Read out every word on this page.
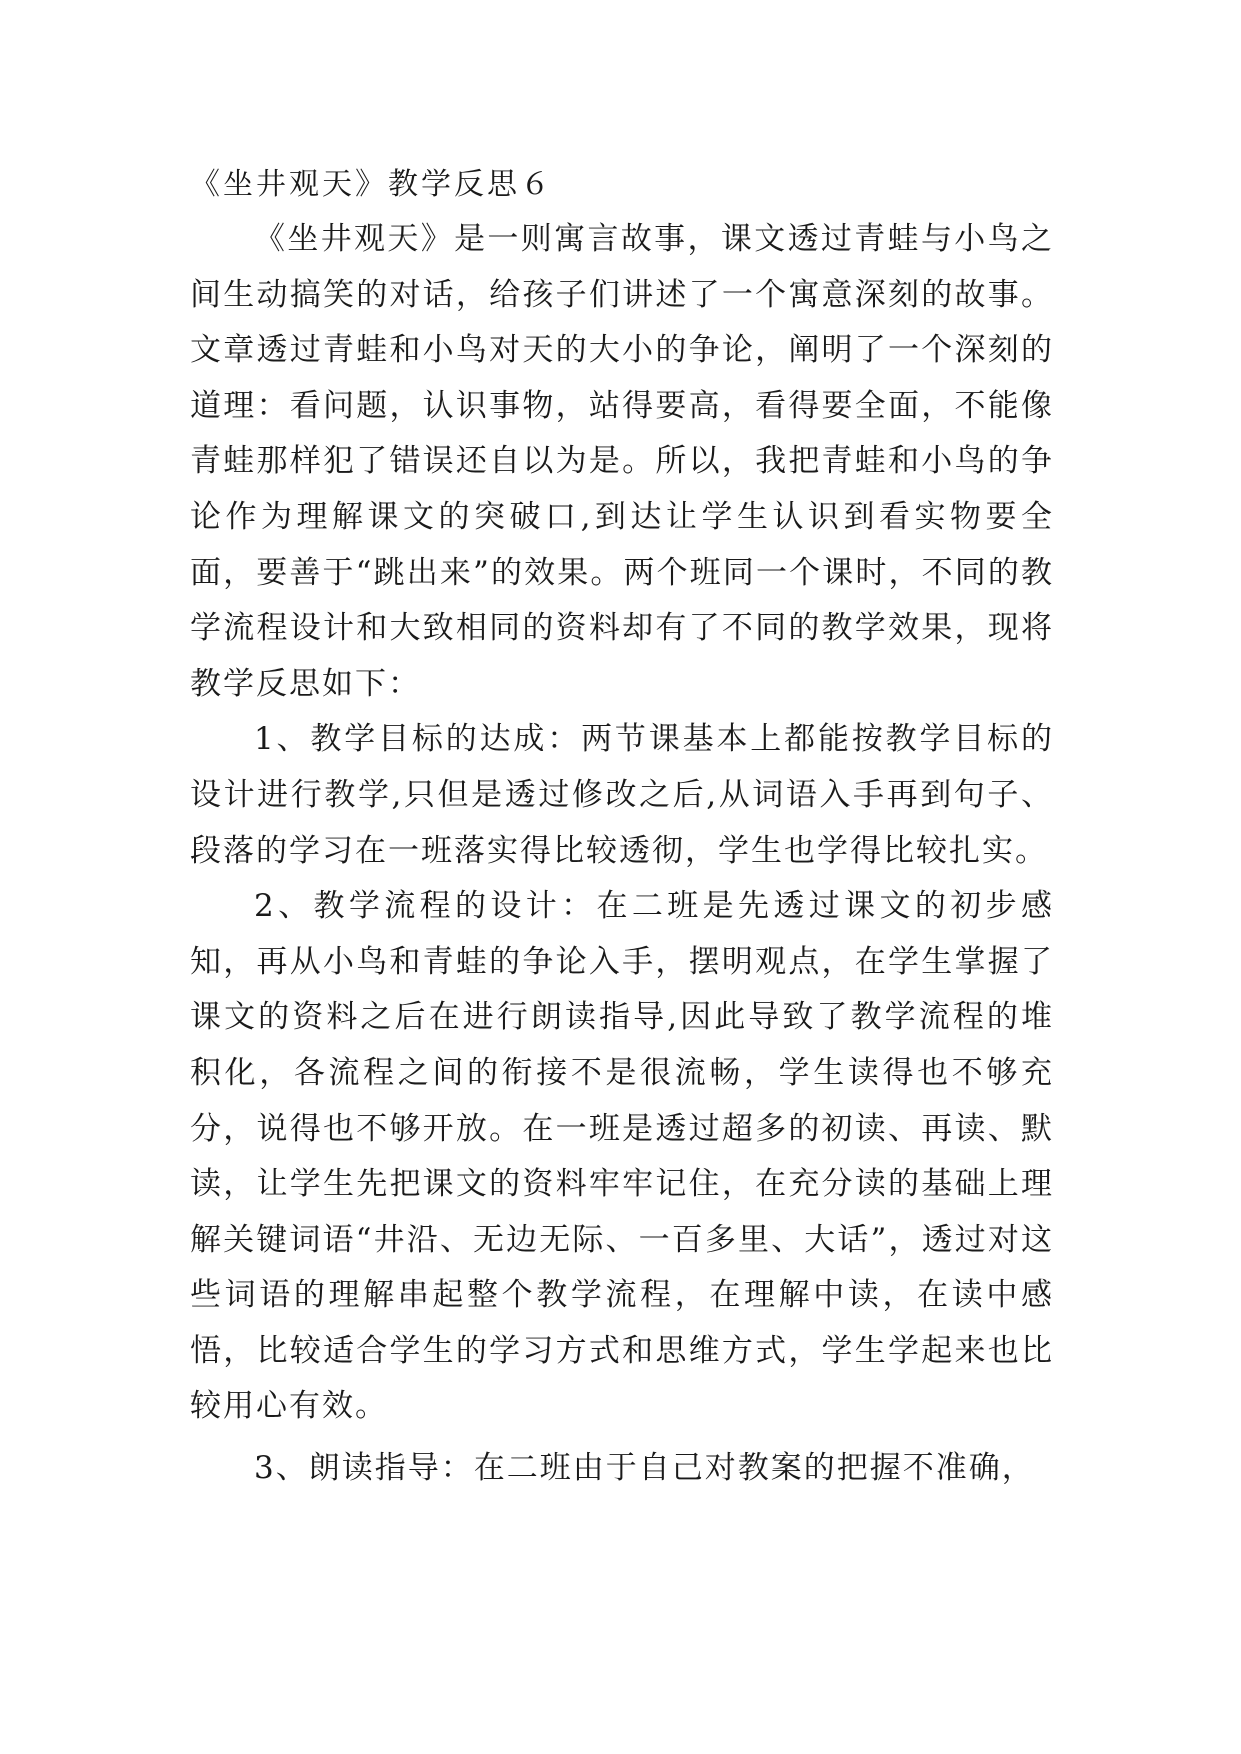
《坐井观天》教学反思６

《坐井观天》是一则寓言故事，课文透过青蛙与小鸟之间生动搞笑的对话，给孩子们讲述了一个寓意深刻的故事。文章透过青蛙和小鸟对天的大小的争论，阐明了一个深刻的道理：看问题，认识事物，站得要高，看得要全面，不能像青蛙那样犯了错误还自以为是。所以，我把青蛙和小鸟的争论作为理解课文的突破口,到达让学生认识到看实物要全面，要善于“跳出来”的效果。两个班同一个课时，不同的教学流程设计和大致相同的资料却有了不同的教学效果，现将教学反思如下：

1、教学目标的达成：两节课基本上都能按教学目标的设计进行教学,只但是透过修改之后,从词语入手再到句子、段落的学习在一班落实得比较透彻，学生也学得比较扎实。

2、教学流程的设计：在二班是先透过课文的初步感知，再从小鸟和青蛙的争论入手，摆明观点，在学生掌握了课文的资料之后在进行朗读指导,因此导致了教学流程的堆积化，各流程之间的衔接不是很流畅，学生读得也不够充分，说得也不够开放。在一班是透过超多的初读、再读、默读，让学生先把课文的资料牢牢记住，在充分读的基础上理解关键词语“井沿、无边无际、一百多里、大话”，透过对这些词语的理解串起整个教学流程，在理解中读，在读中感悟，比较适合学生的学习方式和思维方式，学生学起来也比较用心有效。

3、朗读指导：在二班由于自己对教案的把握不准确，
